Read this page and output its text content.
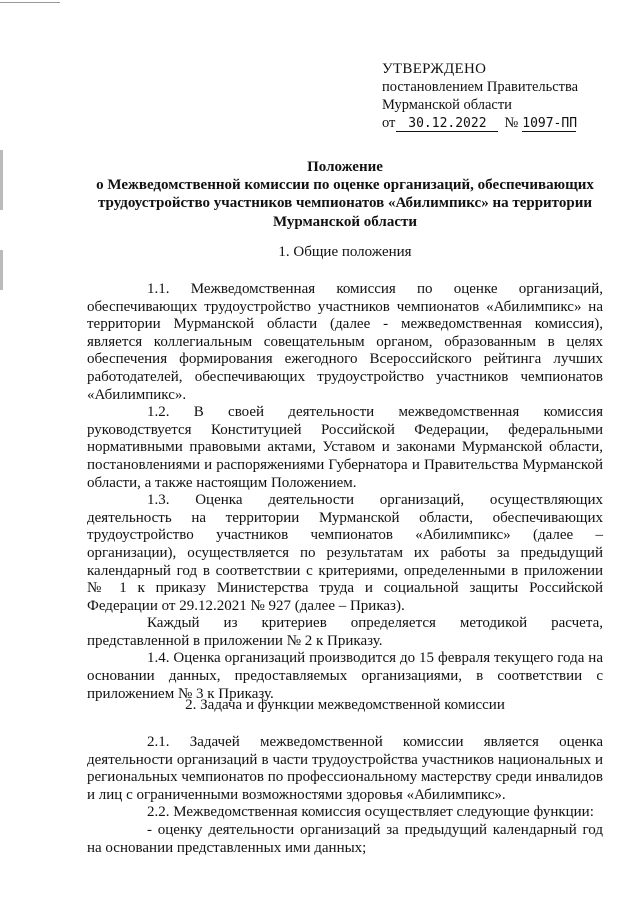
УТВЕРЖДЕНО
постановлением Правительства
Мурманской области
от 30.12.2022	№ 1097-ПП
Положение
о Межведомственной комиссии по оценке организаций, обеспечивающих
трудоустройство участников чемпионатов «Абилимпикс» на территории
Мурманской области
1. Общие положения

1.1. Межведомственная комиссия по оценке организаций, обеспечивающих трудоустройство участников чемпионатов «Абилимпикс» на территории Мурманской области (далее - межведомственная комиссия), является коллегиальным совещательным органом, образованным в целях обеспечения формирования ежегодного Всероссийского рейтинга лучших работодателей, обеспечивающих трудоустройство участников чемпионатов «Абилимпикс».

1.2. В своей деятельности межведомственная комиссия руководствуется Конституцией Российской Федерации, федеральными нормативными правовыми актами, Уставом и законами Мурманской области, постановлениями и распоряжениями Губернатора и Правительства Мурманской области, а также настоящим Положением.

1.3. Оценка деятельности организаций, осуществляющих деятельность на территории Мурманской области, обеспечивающих трудоустройство участников чемпионатов «Абилимпикс» (далее – организации), осуществляется по результатам их работы за предыдущий календарный год в соответствии с критериями, определенными в приложении № 1 к приказу Министерства труда и социальной защиты Российской Федерации от 29.12.2021 № 927 (далее – Приказ).

Каждый из критериев определяется методикой расчета, представленной в приложении № 2 к Приказу.

1.4. Оценка организаций производится до 15 февраля текущего года на основании данных, предоставляемых организациями, в соответствии с приложением № 3 к Приказу.

2. Задача и функции межведомственной комиссии

2.1. Задачей межведомственной комиссии является оценка деятельности организаций в части трудоустройства участников национальных и региональных чемпионатов по профессиональному мастерству среди инвалидов и лиц с ограниченными возможностями здоровья «Абилимпикс».

2.2. Межведомственная комиссия осуществляет следующие функции:

- оценку деятельности организаций за предыдущий календарный год на основании представленных ими данных;
